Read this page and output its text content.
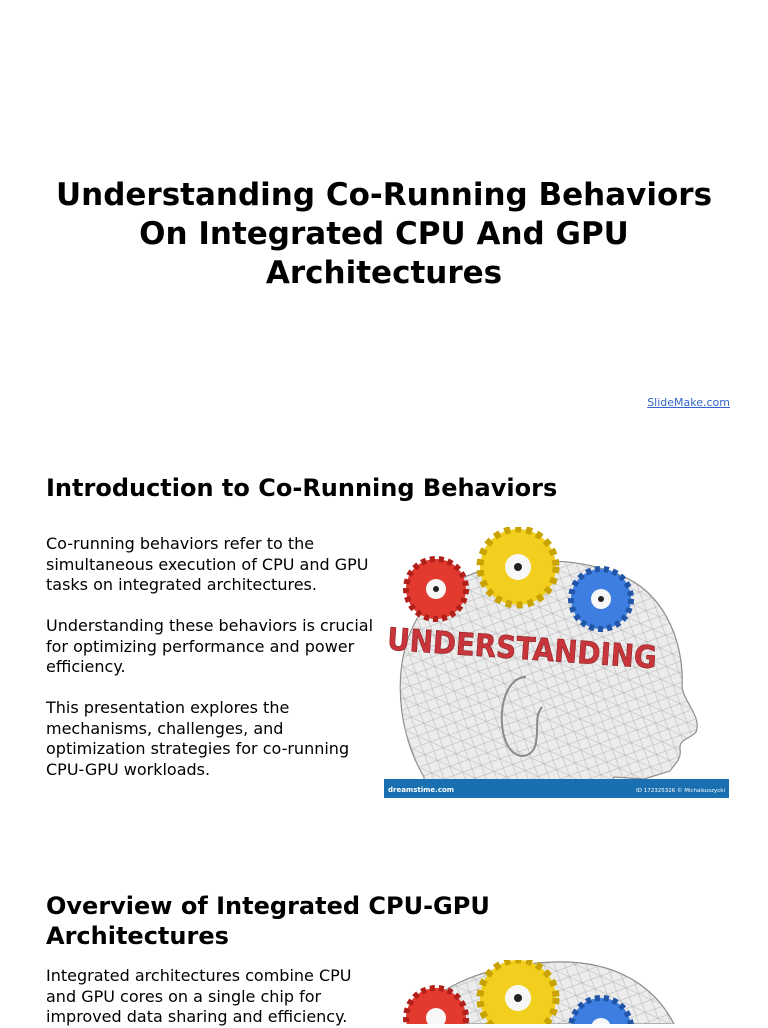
Understanding Co-Running Behaviors On Integrated CPU And GPU Architectures
SlideMake.com
Introduction to Co-Running Behaviors

Co-running behaviors refer to the simultaneous execution of CPU and GPU tasks on integrated architectures.

Understanding these behaviors is crucial for optimizing performance and power efficiency.

This presentation explores the mechanisms, challenges, and optimization strategies for co-running CPU-GPU workloads.

UNDERSTANDING
dreamstime.com	ID 172325326 © Michalsuszycki
Overview of Integrated CPU-GPU Architectures

Integrated architectures combine CPU and GPU cores on a single chip for improved data sharing and efficiency.
